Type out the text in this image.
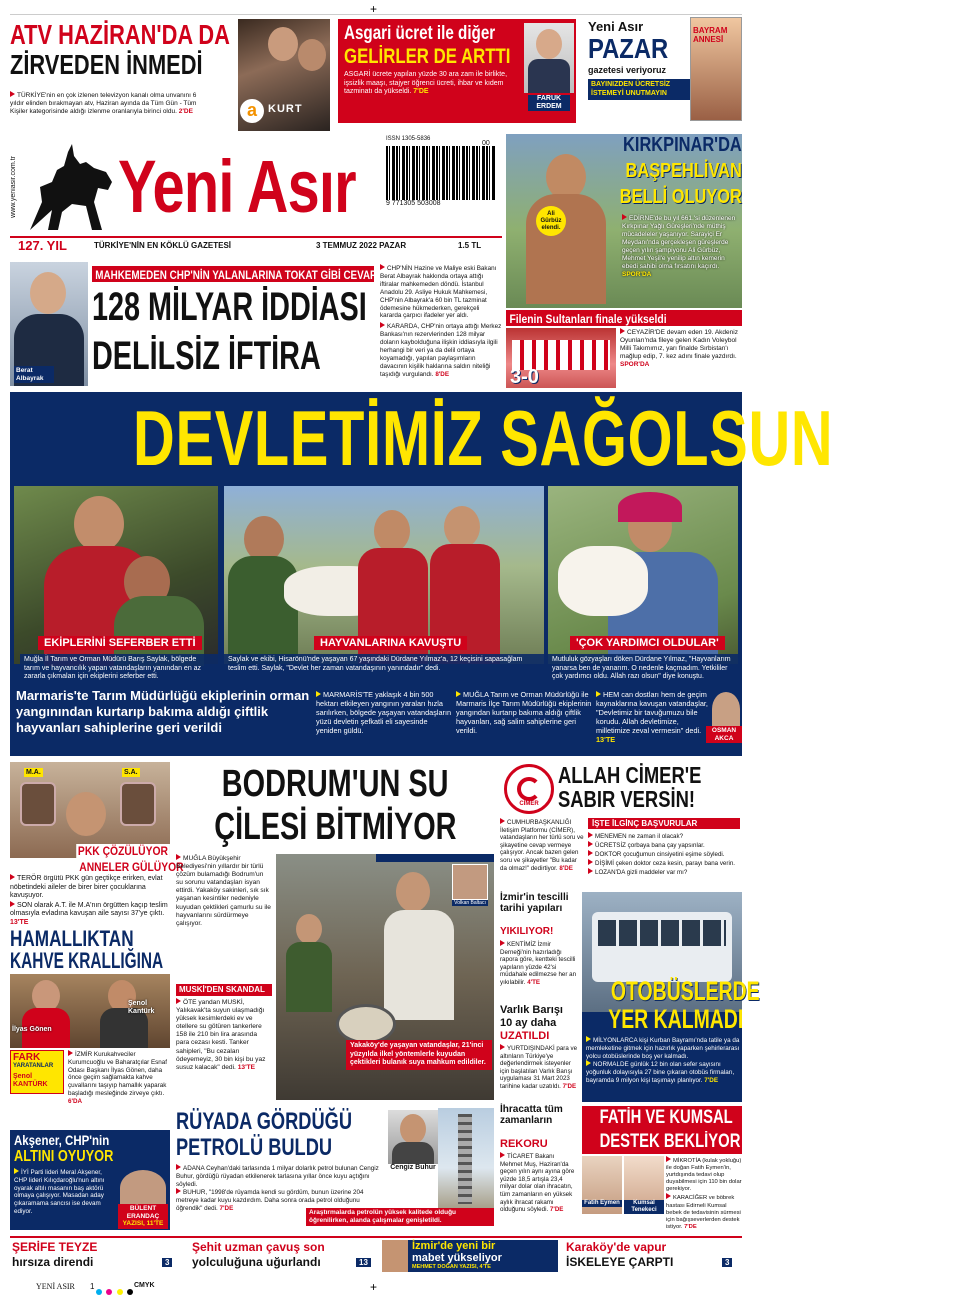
+
ATV HAZİRAN'DA DA
ZİRVEDEN İNMEDİ
TÜRKİYE'nin en çok izlenen televizyon kanalı olma unvanını 6 yıldır elinden bırakmayan atv, Haziran ayında da Tüm Gün - Tüm Kişiler kategorisinde aldığı izlenme oranlarıyla birinci oldu. 2'DE	a	KURT
Asgari ücret ile diğer
GELİRLER DE ARTTI
ASGARİ ücrete yapılan yüzde 30 ara zam ile birlikte, işsizlik maaşı, stajyer öğrenci ücreti, ihbar ve kıdem tazminatı da yükseldi. 7'DE
FARUK ERDEM
Yeni Asır
PAZAR
gazetesi veriyoruz
BAYINIZDEN ÜCRETSİZ İSTEMEYİ UNUTMAYIN
BAYRAM ANNESİ
www.yeniasir.com.tr Yeni Asır
ISSN 1305-5836
9 771305 503008
00
127. YIL	TÜRKİYE'NİN EN KÖKLÜ GAZETESİ	3 TEMMUZ 2022 PAZAR	1.5 TL
KIRKPINAR'DA
BAŞPEHLİVAN
BELLİ OLUYOR
Ali Gürbüz elendi.
EDİRNE'de bu yıl 661.'si düzenlenen Kırkpınar Yağlı Güreşleri'nde müthiş mücadeleler yaşanıyor. Sarayiçi Er Meydanı'nda gerçekleşen güreşlerde geçen yılın şampiyonu Ali Gürbüz, Mehmet Yeşil'e yenilip altın kemerin ebedi sahibi olma fırsatını kaçırdı. SPOR'DA
Berat Albayrak
MAHKEMEDEN CHP'NİN YALANLARINA TOKAT GİBİ CEVAP
128 MİLYAR İDDİASI
DELİLSİZ İFTİRA
CHP'NİN Hazine ve Maliye eski Bakanı Berat Albayrak hakkında ortaya attığı iftiralar mahkemeden döndü. İstanbul Anadolu 29. Asliye Hukuk Mahkemesi, CHP'nin Albayrak'a 60 bin TL tazminat ödemesine hükmederken, gerekçeli kararda çarpıcı ifadeler yer aldı.
KARARDA, CHP'nin ortaya attığı Merkez Bankası'nın rezervlerinden 128 milyar doların kaybolduğuna ilişkin iddiasıyla ilgili herhangi bir veri ya da delil ortaya koyamadığı, yapılan paylaşımların davacının kişilik haklarına saldırı niteliği taşıdığı vurgulandı. 8'DE
Filenin Sultanları finale yükseldi
3-0
CEYAZİR'DE devam eden 19. Akdeniz Oyunları'nda fileye gelen Kadın Voleybol Milli Takımımız, yarı finalde Sırbistan'ı mağlup edip, 7. kez adını finale yazdırdı. SPOR'DA
DEVLETİMİZ SAĞOLSUN
EKİPLERİNİ SEFERBER ETTİ
Muğla İl Tarım ve Orman Müdürü Barış Saylak, bölgede tarım ve hayvancılık yapan vatandaşların yanından en az zararla çıkmaları için ekiplerini seferber etti.
HAYVANLARINA KAVUŞTU
Saylak ve ekibi, Hisarönü'nde yaşayan 67 yaşındaki Dürdane Yılmaz'a, 12 keçisini sapasağlam teslim etti. Saylak, "Devlet her zaman vatandaşının yanındadır" dedi.
'ÇOK YARDIMCI OLDULAR'
Mutluluk gözyaşları döken Dürdane Yılmaz, "Hayvanlarım yanarsa ben de yanarım. O nedenle kaçmadım. Yetkililer çok yardımcı oldu. Allah razı olsun" diye konuştu.
Marmaris'te Tarım Müdürlüğü ekiplerinin orman yangınından kurtarıp bakıma aldığı çiftlik hayvanları sahiplerine geri verildi
MARMARİS'TE yaklaşık 4 bin 500 hektarı etkileyen yangının yaraları hızla sarılırken, bölgede yaşayan vatandaşların yüzü devletin şefkatli eli sayesinde yeniden güldü.
MUĞLA Tarım ve Orman Müdürlüğü ile Marmaris İlçe Tarım Müdürlüğü ekiplerinin yangından kurtarıp bakıma aldığı çiftlik hayvanları, sağ salim sahiplerine geri verildi.
HEM can dostları hem de geçim kaynaklarına kavuşan vatandaşlar, "Devletimiz bir tavuğumuzu bile korudu. Allah devletimize, milletimize zeval vermesin" dedi. 13'TE
OSMAN AKCA
M.A.	S.A.
PKK ÇÖZÜLÜYOR
ANNELER GÜLÜYOR
TERÖR örgütü PKK gün geçtikçe erirken, evlat nöbetindeki aileler de birer birer çocuklarına kavuşuyor.
SON olarak A.T. ile M.A'nın örgütten kaçıp teslim olmasıyla evladına kavuşan aile sayısı 37'ye çıktı. 13'TE
HAMALLIKTAN
KAHVE KRALLIĞINA
İlyas Gönen
Şenol Kantürk
FARK
YARATANLAR
Şenol KANTÜRK
İZMİR Kurukahveciler Kurumcuoğlu ve Baharatçılar Esnaf Odası Başkanı İlyas Gönen, daha önce geçim sağlamakta kahve çuvallarını taşıyıp hamallık yaparak başladığı mesleğinde zirveye çıktı. 6'DA
Akşener, CHP'nin
ALTINI OYUYOR
İYİ Parti lideri Meral Akşener, CHP lideri Kılıçdaroğlu'nun altını oyarak altılı masanın baş aktörü olmaya çalışıyor. Masadan aday çıkaramama sancısı ise devam ediyor.	BÜLENT ERANDAÇ
YAZISI, 11'TE
BODRUM'UN SU
ÇİLESİ BİTMİYOR
MUĞLA Büyükşehir Belediyesi'nin yıllardır bir türlü çözüm bulamadığı Bodrum'un su sorunu vatandaşları isyan ettirdi. Yakaköy sakinleri, sık sık yaşanan kesintiler nedeniyle kuyudan çektikleri çamurlu su ile hayvanlarını sürdürmeye çalışıyor.
MUSKİ'DEN SKANDAL
ÖTE yandan MUSKİ, Yalıkavak'ta suyun ulaşmadığı yüksek kesimlerdeki ev ve otellere su götüren tankerlere 158 ile 210 bin lira arasında para cezası kesti. Tanker sahipleri, "Bu cezaları ödeyemeyiz, 30 bin kişi bu yaz susuz kalacak" dedi. 13'TE
Volkan Baltacı
Yakaköy'de yaşayan vatandaşlar, 21'inci yüzyılda ilkel yöntemlerle kuyudan çektikleri bulanık suya mahkum edildiler.
RÜYADA GÖRDÜĞÜ
PETROLÜ BULDU
ADANA Ceyhan'daki tarlasında 1 milyar dolarlık petrol bulunan Cengiz Buhur, gördüğü rüyadan etkilenerek tarlasına yıllar önce kuyu açtığını söyledi.
BUHUR, "1998'de rüyamda kendi su gördüm, bunun üzerine 204 metreye kadar kuyu kazdırdım. Daha sonra orada petrol olduğunu öğrendik" dedi. 7'DE
Cengiz Buhur
Araştırmalarda petrolün yüksek kalitede olduğu öğrenilirken, alanda çalışmalar genişletildi.
CİMER
ALLAH CİMER'E
SABIR VERSİN!
CUMHURBAŞKANLIĞI İletişim Platformu (CİMER), vatandaşların her türlü soru ve şikayetine cevap vermeye çalışıyor. Ancak bazen gelen soru ve şikayetler "Bu kadar da olmaz!" dedirtiyor. 8'DE
İŞTE İLGİNÇ BAŞVURULAR
MENEMEN ne zaman il olacak?
ÜCRETSİZ çorbaya bana çay yapsınlar.
DOKTOR çocuğumun cinsiyetini eşime söyledi.
DİŞİMİ çeken doktor ceza kesin, parayı bana verin.
LOZAN'DA gizli maddeler var mı?
İzmir'in tescilli tarihi yapıları
YIKILIYOR!
KENTİMİZ İzmir Derneği'nin hazırladığı rapora göre, kentteki tescilli yapıların yüzde 42'si müdahale edilmezse her an yıkılabilir. 4'TE	OTOBÜSLERDE
YER KALMADI
MİLYONLARCA kişi Kurban Bayramı'nda tatile ya da memleketine gitmek için hazırlık yaparken şehirlerarası yolcu otobüslerinde boş yer kalmadı.
NORMALDE günlük 12 bin olan sefer sayısını yoğunluk dolayısıyla 27 bine çıkaran otobüs firmaları, bayramda 9 milyon kişi taşımayı planlıyor. 7'DE
Varlık Barışı
10 ay daha
UZATILDI
YURTDIŞINDAKİ para ve altınların Türkiye'ye değerlendirmek isteyenler için başlatılan Varlık Barışı uygulaması 31 Mart 2023 tarihine kadar uzatıldı. 7'DE
İhracatta tüm zamanların
REKORU
TİCARET Bakanı Mehmet Muş, Haziran'da geçen yılın aynı ayına göre yüzde 18,5 artışla 23,4 milyar dolar olan ihracatın, tüm zamanların en yüksek aylık ihracat rakamı olduğunu söyledi. 7'DE
FATİH VE KUMSAL
DESTEK BEKLİYOR
Fatih Eymen	Kumsal Tenekeci
MİKROTİA (kulak yokluğu) ile doğan Fatih Eymen'in, yurtdışında tedavi olup duyabilmesi için 110 bin dolar gerekiyor.
KARACİĞER ve böbrek hastası Edirneli Kumsal bebek de tedavisinin sürmesi için bağışseverlerden destek istiyor. 7'DE
ŞERİFE TEYZE
hırsıza direndi	3
Şehit uzman çavuş son
yolculuğuna uğurlandı	13
İzmir'de yeni bir
mabet yükseliyor
MEHMET DOĞAN YAZISI, 4'TE
Karaköy'de vapur
İSKELEYE ÇARPTI	3
YENİ ASIR 1
	CMYK	+
